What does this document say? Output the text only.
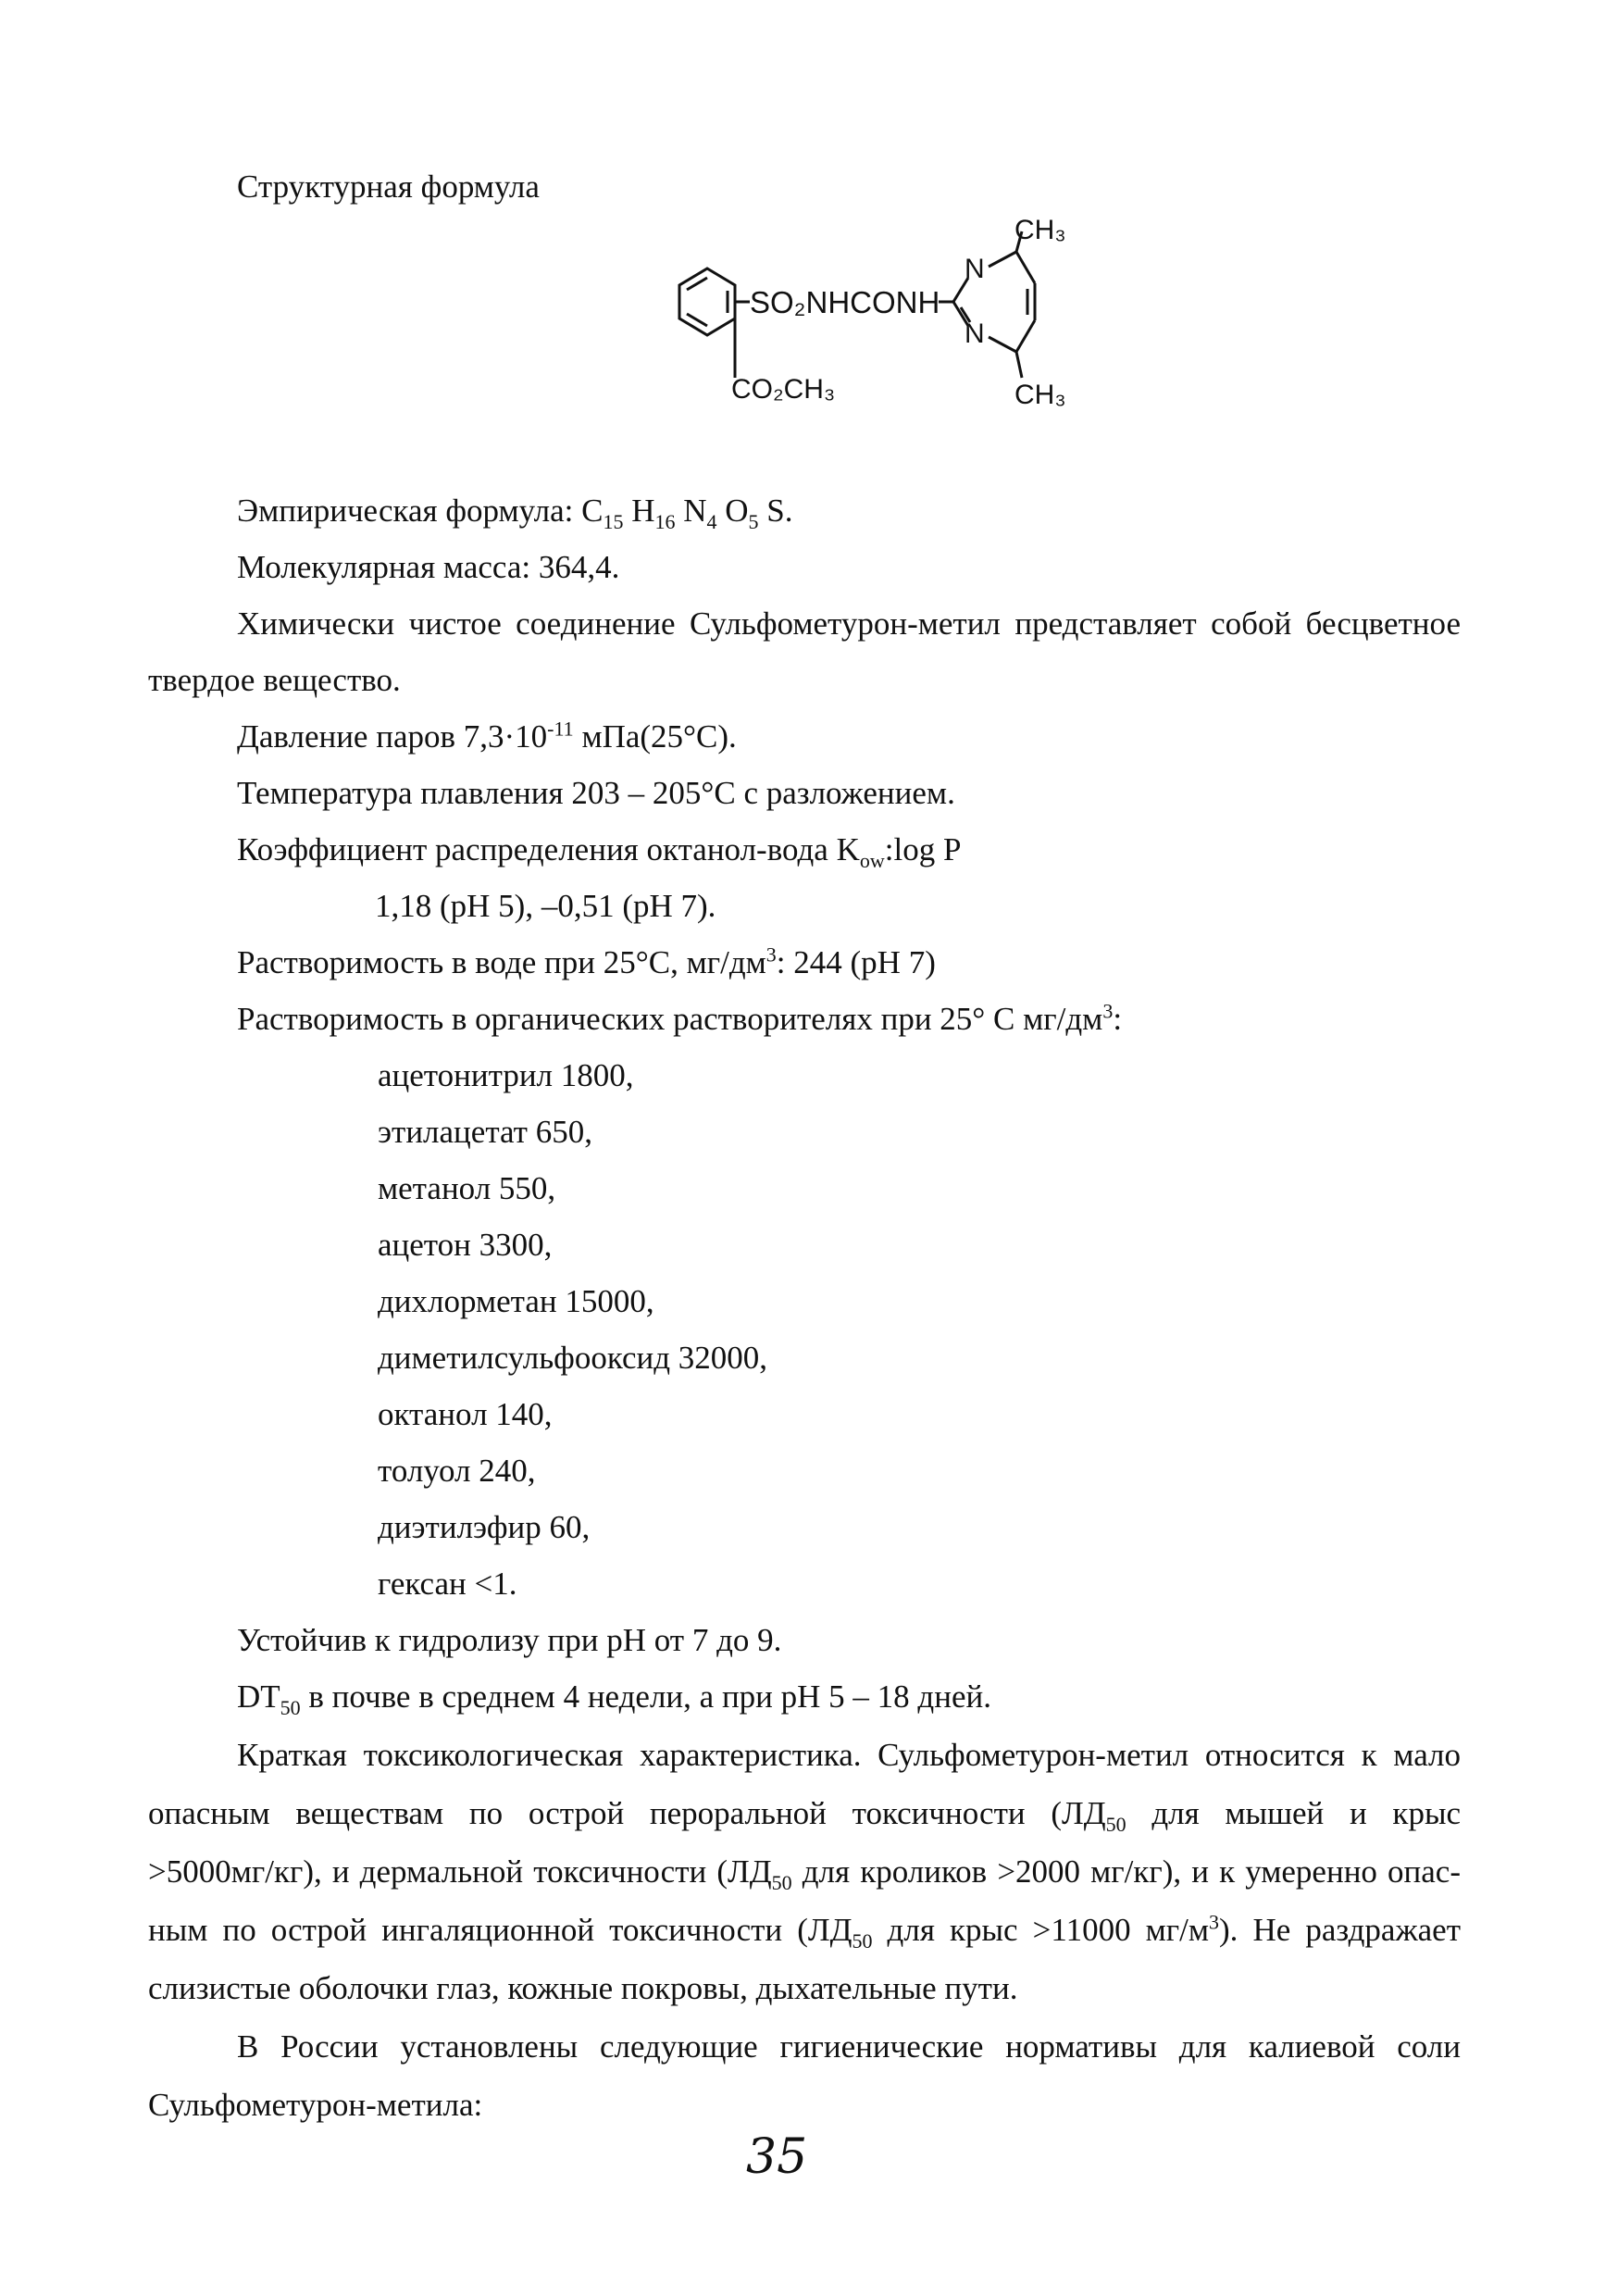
Структурная формула
SO₂NHCONH
N
N
CH₃
CH₃
CO₂CH₃
Эмпирическая формула: $C_{15}$ $H_{16}$ $N_4$ $O_5$ S.
Молекулярная масса: 364,4.
Химически чистое соединение Сульфометурон-метил представляет собой бесцветное
твердое вещество.
Давление паров $7,3\cdot 10^{-11}$ мПа(25°С).
Температура плавления 203 – 205°С с разложением.
Коэффициент распределения октанол-вода $K_{ow}:\log$ P
1,18 (pH 5), –0,51 (pH 7).
Растворимость в воде при 25°С, $мг/дм^3$: 244 (pH 7)
Растворимость в органических растворителях при 25° С $мг/дм^3$:
ацетонитрил 1800,
этилацетат 650,
метанол 550,
ацетон 3300,
дихлорметан 15000,
диметилсульфооксид 32000,
октанол 140,
толуол 240,
диэтилэфир 60,
гексан <1.
Устойчив к гидролизу при pH от 7 до 9.
$DT_{50}$ в почве в среднем 4 недели, а при pH 5 – 18 дней.
Краткая токсикологическая характеристика. Сульфометурон-метил относится к мало
опасным веществам по острой пероральной токсичности ($ЛД_{50}$ для мышей и крыс
>5000мг/кг), и дермальной токсичности ($ЛД_{50}$ для кроликов >2000 мг/кг), и к умеренно опас-
ным по острой ингаляционной токсичности ($ЛД_{50}$ для крыс >11000 $мг/м^3$). Не раздражает
слизистые оболочки глаз, кожные покровы, дыхательные пути.
В России установлены следующие гигиенические нормативы для калиевой соли
Сульфометурон-метила:
35
